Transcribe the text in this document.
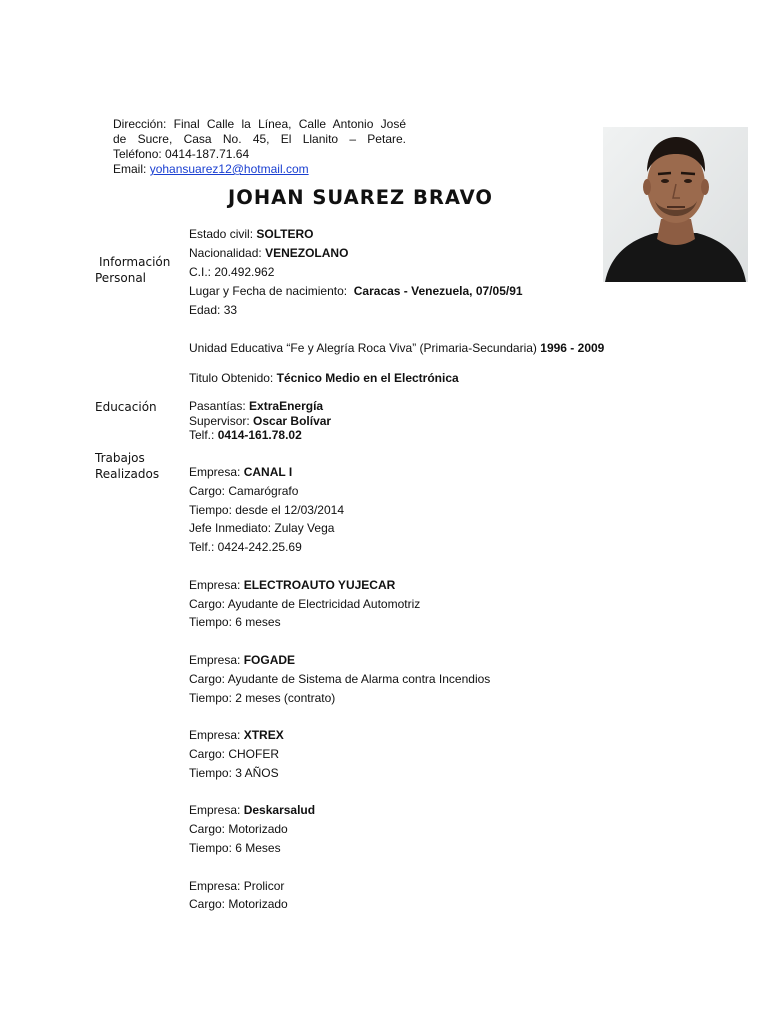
Dirección: Final Calle la Línea, Calle Antonio José
de Sucre, Casa No. 45, El Llanito – Petare.
Teléfono: 0414-187.71.64
Email: yohansuarez12@hotmail.com
JOHAN SUAREZ BRAVO
Información
Personal
Educación
Trabajos
Realizados
Estado civil: SOLTERO
Nacionalidad: VENEZOLANO
C.I.: 20.492.962
Lugar y Fecha de nacimiento: Caracas - Venezuela, 07/05/91
Edad: 33
Unidad Educativa “Fe y Alegría Roca Viva” (Primaria-Secundaria) 1996 - 2009
Titulo Obtenido: Técnico Medio en el Electrónica
Pasantías: ExtraEnergía
Supervisor: Oscar Bolívar
Telf.: 0414-161.78.02
Empresa: CANAL I
Cargo: Camarógrafo
Tiempo: desde el 12/03/2014
Jefe Inmediato: Zulay Vega
Telf.: 0424-242.25.69
Empresa: ELECTROAUTO YUJECAR
Cargo: Ayudante de Electricidad Automotriz
Tiempo: 6 meses
Empresa: FOGADE
Cargo: Ayudante de Sistema de Alarma contra Incendios
Tiempo: 2 meses (contrato)
Empresa: XTREX
Cargo: CHOFER
Tiempo: 3 AÑOS
Empresa: Deskarsalud
Cargo: Motorizado
Tiempo: 6 Meses
Empresa: Prolicor
Cargo: Motorizado
